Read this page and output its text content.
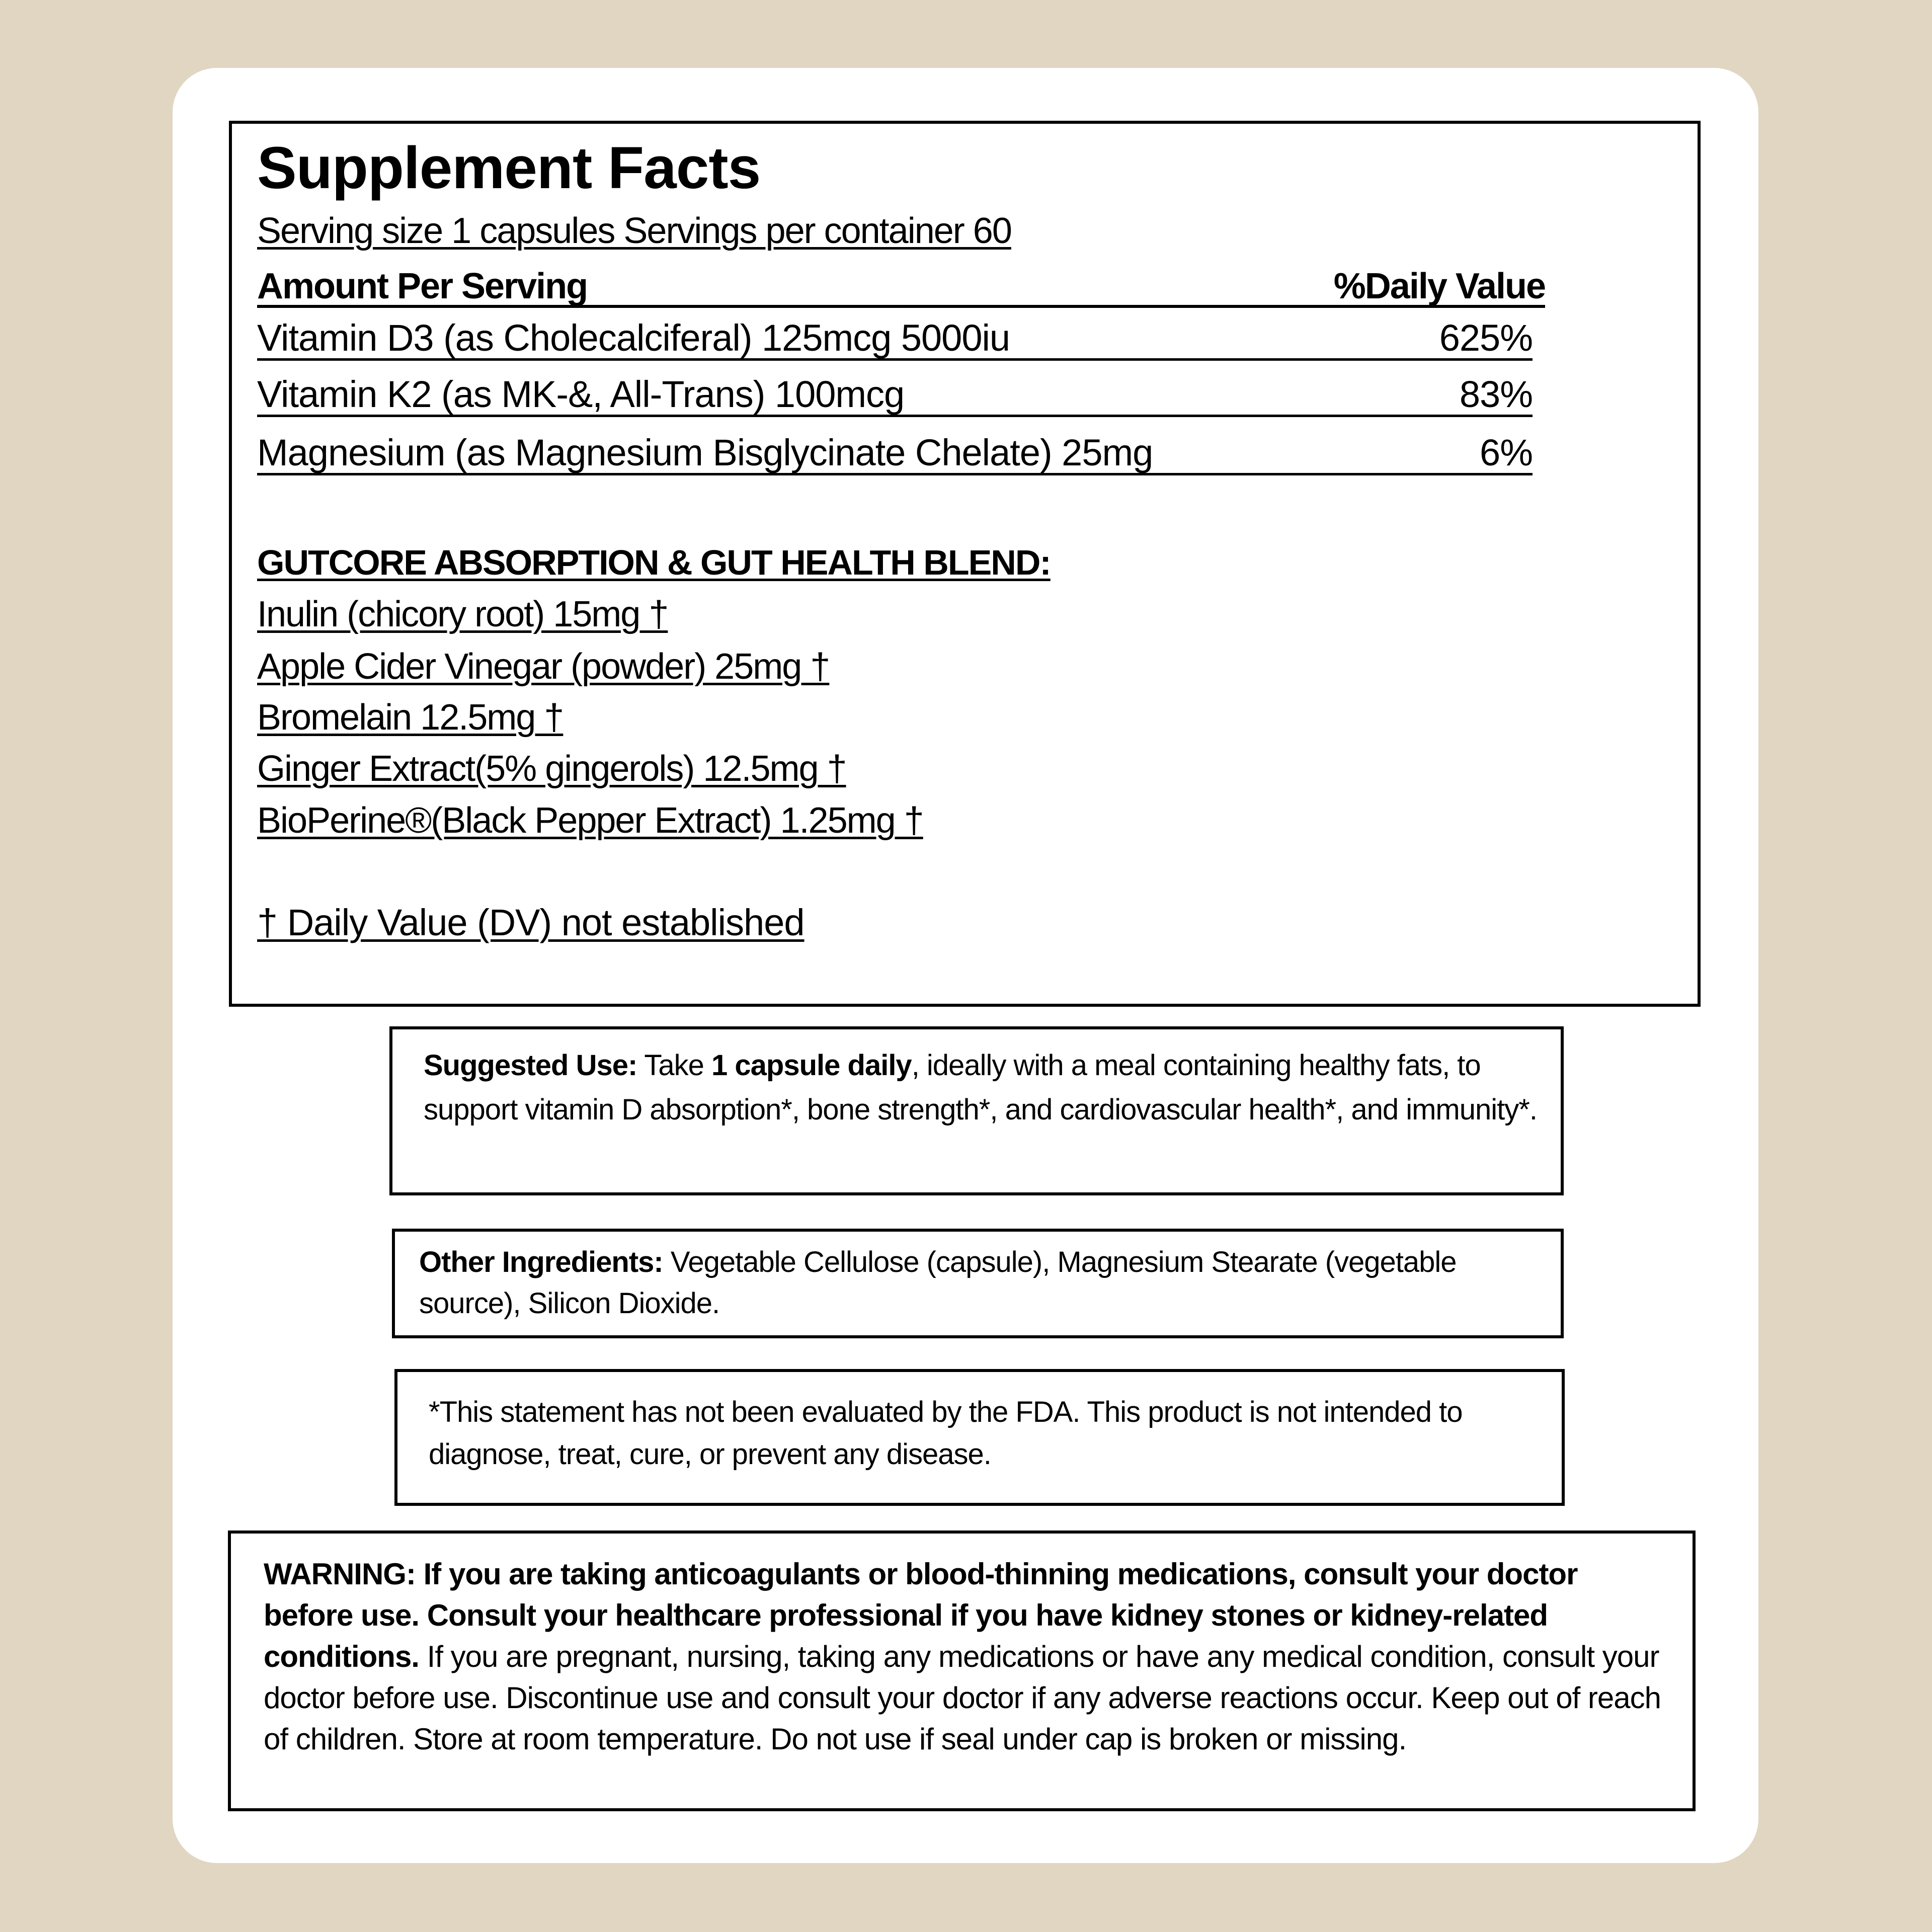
Supplement Facts
Serving size 1 capsules Servings per container 60
Amount Per Serving	%Daily Value
Vitamin D3 (as Cholecalciferal) 125mcg 5000iu	625%
Vitamin K2 (as MK-&, All-Trans) 100mcg	83%
Magnesium (as Magnesium Bisglycinate Chelate) 25mg	6%
GUTCORE ABSORPTION & GUT HEALTH BLEND:
Inulin (chicory root) 15mg †
Apple Cider Vinegar (powder) 25mg †
Bromelain 12.5mg †
Ginger Extract(5% gingerols) 12.5mg †
BioPerine®(Black Pepper Extract) 1.25mg †
† Daily Value (DV) not established
Suggested Use: Take 1 capsule daily, ideally with a meal containing healthy fats, to support vitamin D absorption*, bone strength*, and cardiovascular health*, and immunity*.
Other Ingredients: Vegetable Cellulose (capsule), Magnesium Stearate (vegetable source), Silicon Dioxide.
*This statement has not been evaluated by the FDA. This product is not intended to diagnose, treat, cure, or prevent any disease.
WARNING: If you are taking anticoagulants or blood-thinning medications, consult your doctor before use. Consult your healthcare professional if you have kidney stones or kidney-related conditions. If you are pregnant, nursing, taking any medications or have any medical condition, consult your doctor before use. Discontinue use and consult your doctor if any adverse reactions occur. Keep out of reach of children. Store at room temperature. Do not use if seal under cap is broken or missing.
